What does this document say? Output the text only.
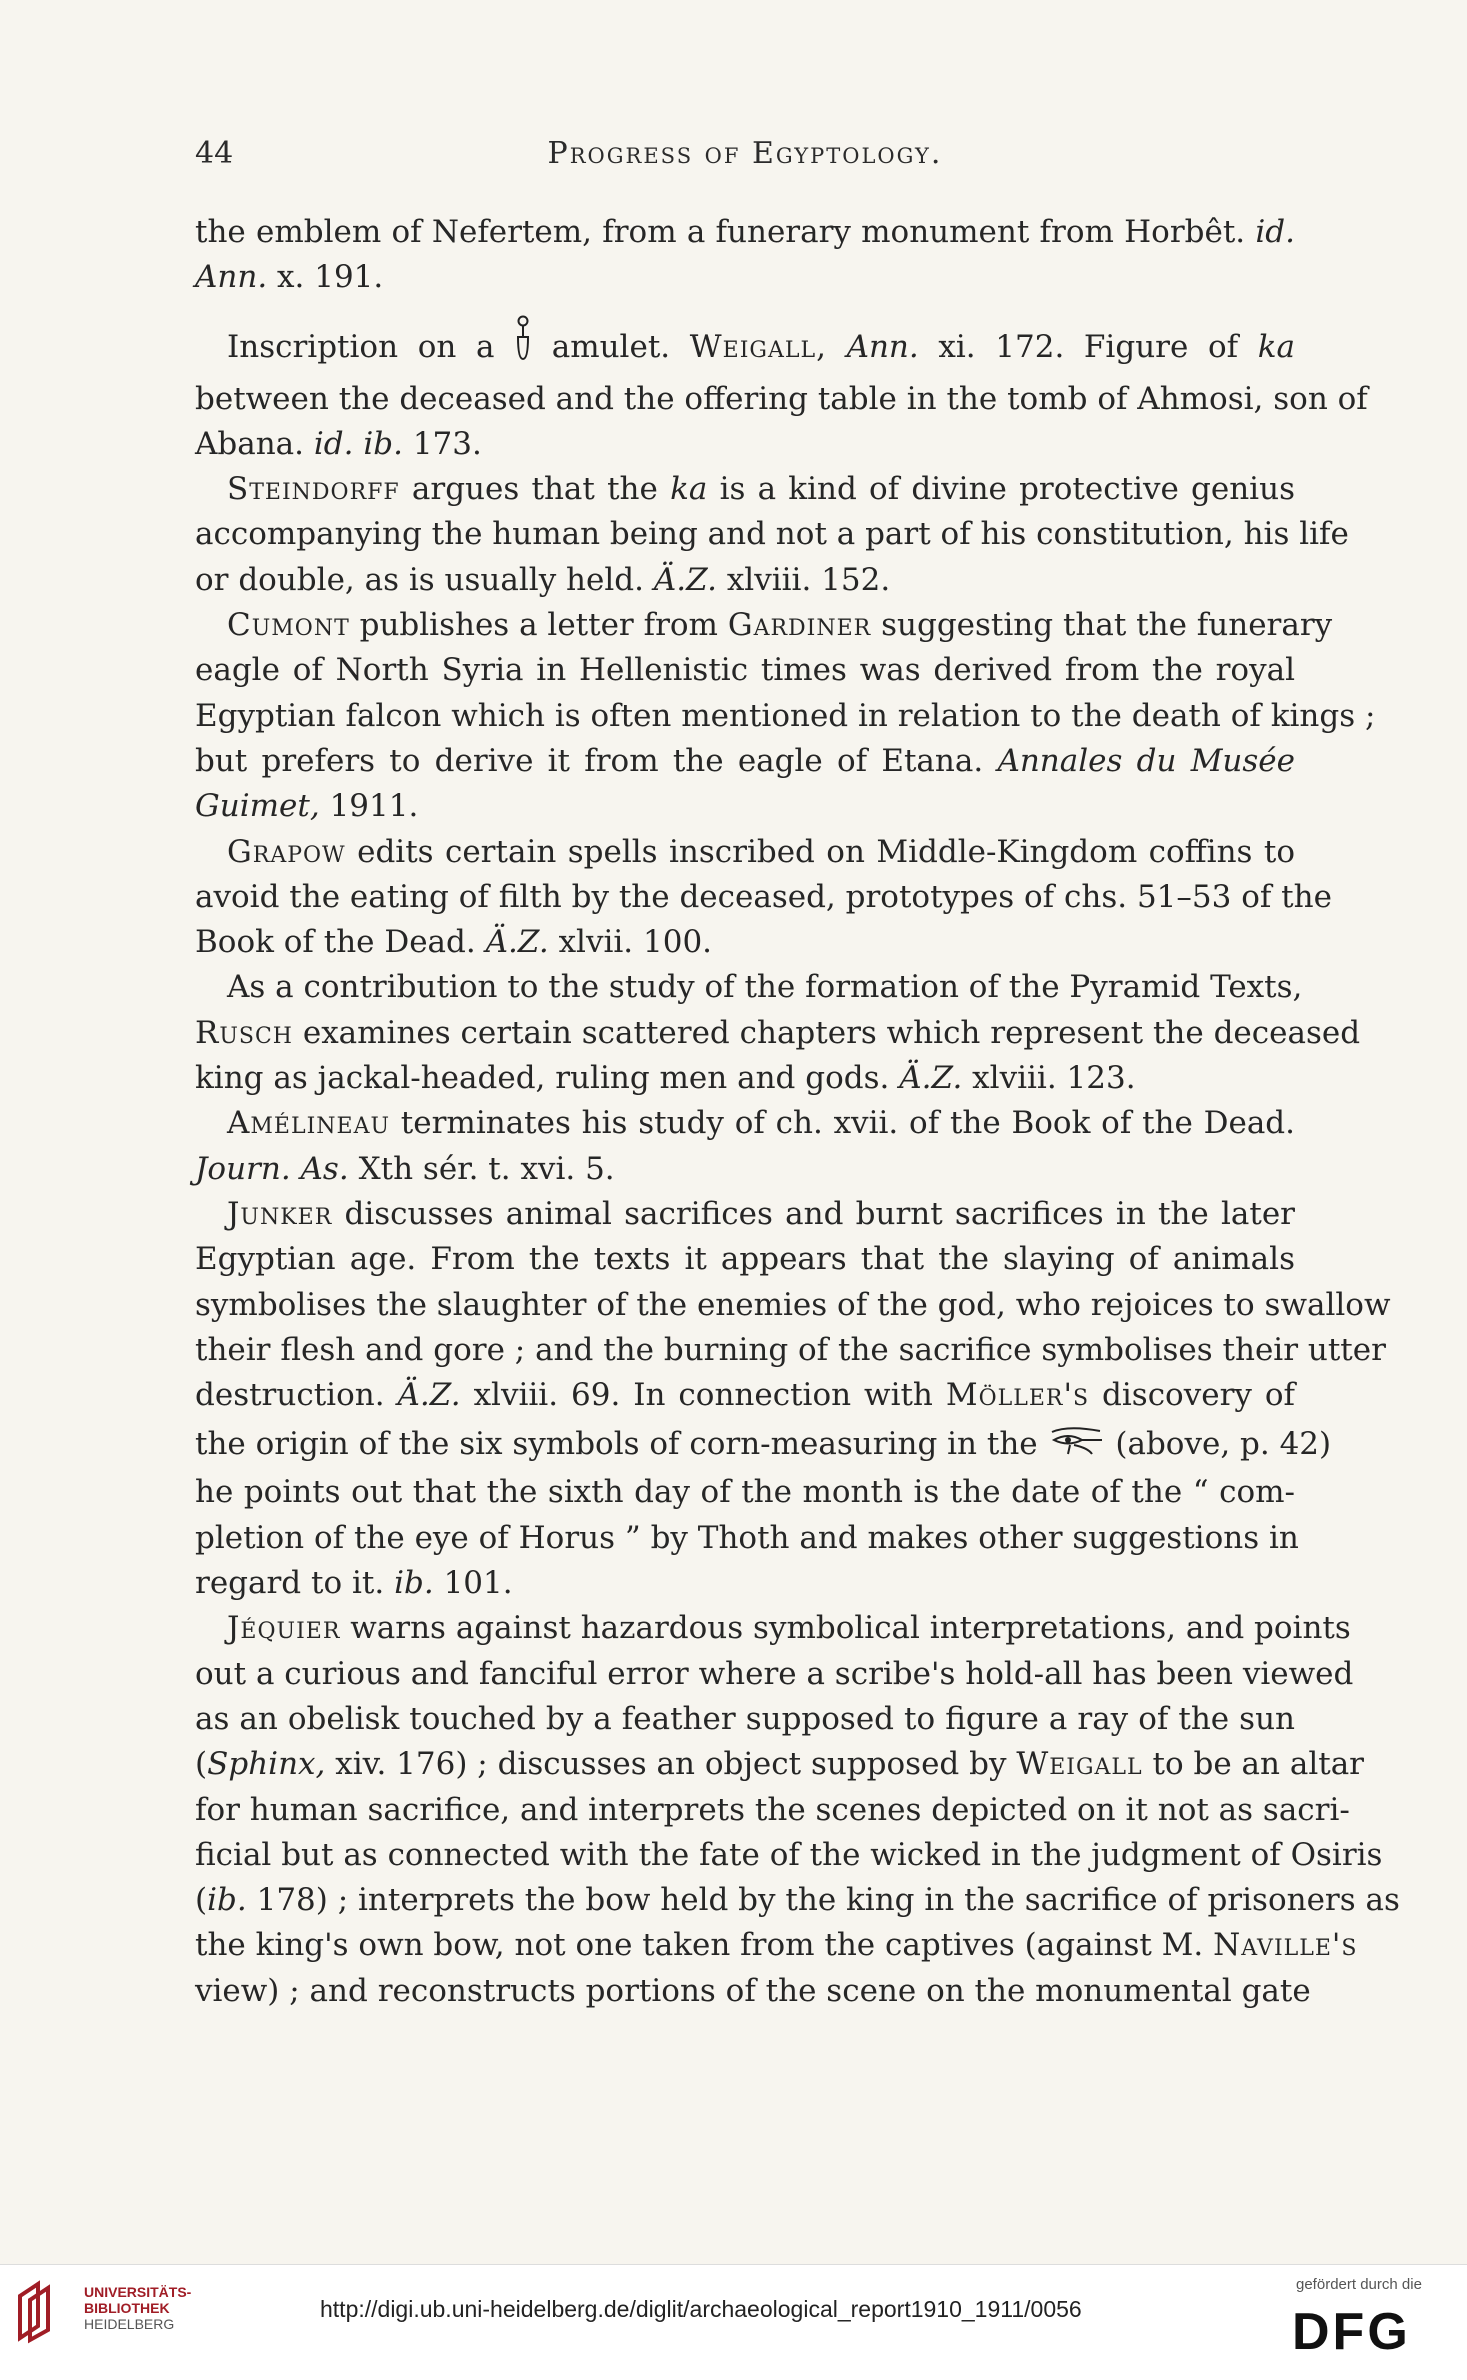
44	Progress of Egyptology.
the emblem of Nefertem, from a funerary monument from Horbêt. id.
Ann. x. 191.
Inscription on a amulet. Weigall, Ann. xi. 172. Figure of ka
between the deceased and the offering table in the tomb of Ahmosi, son of
Abana. id. ib. 173.
Steindorff argues that the ka is a kind of divine protective genius
accompanying the human being and not a part of his constitution, his life
or double, as is usually held. Ä.Z. xlviii. 152.
Cumont publishes a letter from Gardiner suggesting that the funerary
eagle of North Syria in Hellenistic times was derived from the royal
Egyptian falcon which is often mentioned in relation to the death of kings ;
but prefers to derive it from the eagle of Etana. Annales du Musée
Guimet, 1911.
Grapow edits certain spells inscribed on Middle-Kingdom coffins to
avoid the eating of filth by the deceased, prototypes of chs. 51–53 of the
Book of the Dead. Ä.Z. xlvii. 100.
As a contribution to the study of the formation of the Pyramid Texts,
Rusch examines certain scattered chapters which represent the deceased
king as jackal-headed, ruling men and gods. Ä.Z. xlviii. 123.
Amélineau terminates his study of ch. xvii. of the Book of the Dead.
Journ. As. Xth sér. t. xvi. 5.
Junker discusses animal sacrifices and burnt sacrifices in the later
Egyptian age. From the texts it appears that the slaying of animals
symbolises the slaughter of the enemies of the god, who rejoices to swallow
their flesh and gore ; and the burning of the sacrifice symbolises their utter
destruction. Ä.Z. xlviii. 69. In connection with Möller's discovery of
the origin of the six symbols of corn-measuring in the	(above, p. 42)
he points out that the sixth day of the month is the date of the “ com-
pletion of the eye of Horus ” by Thoth and makes other suggestions in
regard to it. ib. 101.
Jéquier warns against hazardous symbolical interpretations, and points
out a curious and fanciful error where a scribe's hold-all has been viewed
as an obelisk touched by a feather supposed to figure a ray of the sun
(Sphinx, xiv. 176) ; discusses an object supposed by Weigall to be an altar
for human sacrifice, and interprets the scenes depicted on it not as sacri-
ficial but as connected with the fate of the wicked in the judgment of Osiris
(ib. 178) ; interprets the bow held by the king in the sacrifice of prisoners as
the king's own bow, not one taken from the captives (against M. Naville's
view) ; and reconstructs portions of the scene on the monumental gate
UNIVERSITÄTS-
BIBLIOTHEK
HEIDELBERG
http://digi.ub.uni-heidelberg.de/diglit/archaeological_report1910_1911/0056
gefördert durch die
DFG
